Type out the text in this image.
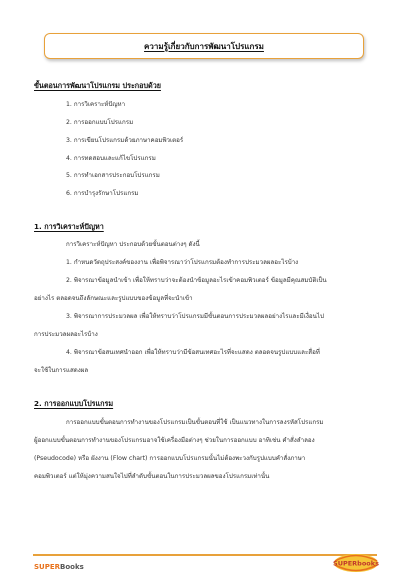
ความรู้เกี่ยวกับการพัฒนาโปรแกรม
ขั้นตอนการพัฒนาโปรแกรม ประกอบด้วย
1. การวิเคราะห์ปัญหา
2. การออกแบบโปรแกรม
3. การเขียนโปรแกรมด้วยภาษาคอมพิวเตอร์
4. การทดสอบและแก้ไขโปรแกรม
5. การทำเอกสารประกอบโปรแกรม
6. การบำรุงรักษาโปรแกรม
1. การวิเคราะห์ปัญหา
การวิเคราะห์ปัญหา ประกอบด้วยขั้นตอนต่างๆ ดังนี้
1. กำหนดวัตถุประสงค์ของงาน เพื่อพิจารณาว่าโปรแกรมต้องทำการประมวลผลอะไรบ้าง
2. พิจารณาข้อมูลนำเข้า เพื่อให้ทราบว่าจะต้องนำข้อมูลอะไรเข้าคอมพิวเตอร์ ข้อมูลมีคุณสมบัติเป็น
อย่างไร ตลอดจนถึงลักษณะและรูปแบบของข้อมูลที่จะนำเข้า
3. พิจารณาการประมวลผล เพื่อให้ทราบว่าโปรแกรมมีขั้นตอนการประมวลผลอย่างไรและมีเงื่อนไป
การประมวลผลอะไรบ้าง
4. พิจารณาข้อสนเทศนำออก เพื่อให้ทราบว่ามีข้อสนเทศอะไรที่จะแสดง ตลอดจนรูปแบบและสื่อที่
จะใช้ในการแสดงผล
2. การออกแบบโปรแกรม
การออกแบบขั้นตอนการทำงานของโปรแกรมเป็นขั้นตอนที่ใช้ เป็นแนวทางในการลงรหัสโปรแกรม
ผู้ออกแบบขั้นตอนการทำงานของโปรแกรมอาจใช้เครื่องมือต่างๆ ช่วยในการออกแบบ อาทิเช่น คำสั่งลำลอง
(Pseudocode) หรือ ผังงาน (Flow chart) การออกแบบโปรแกรมนั้นไม่ต้องพะวงกับรูปแบบคำสั่งภาษา
คอมพิวเตอร์ แต่ให้มุ่งความสนใจไปที่ลำดับขั้นตอนในการประมวลผลของโปรแกรมเท่านั้น
SUPERBooks	SUPERbooks
